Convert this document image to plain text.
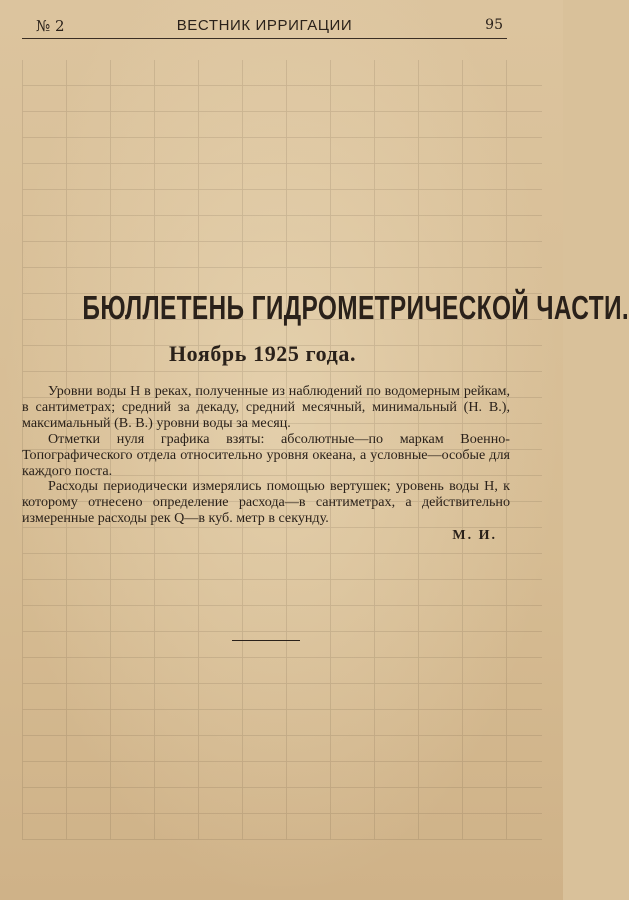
№ 2	ВЕСТНИК ИРРИГАЦИИ	95
БЮЛЛЕТЕНЬ ГИДРОМЕТРИЧЕСКОЙ ЧАСТИ.
Ноябрь 1925 года.

Уровни воды Н в реках, полученные из наблюдений по водомерным рейкам, в сантиметрах; средний за декаду, средний месячный, минимальный (Н. В.), максимальный (В. В.) уровни воды за месяц.

Отметки нуля графика взяты: абсолютные—по маркам Военно-Топографического отдела относительно уровня океана, а условные—особые для каждого поста.

Расходы периодически измерялись помощью вертушек; уровень воды Н, к которому отнесено определение расхода—в сантиметрах, а действительно измеренные расходы рек Q—в куб. метр в секунду.

М. И.
